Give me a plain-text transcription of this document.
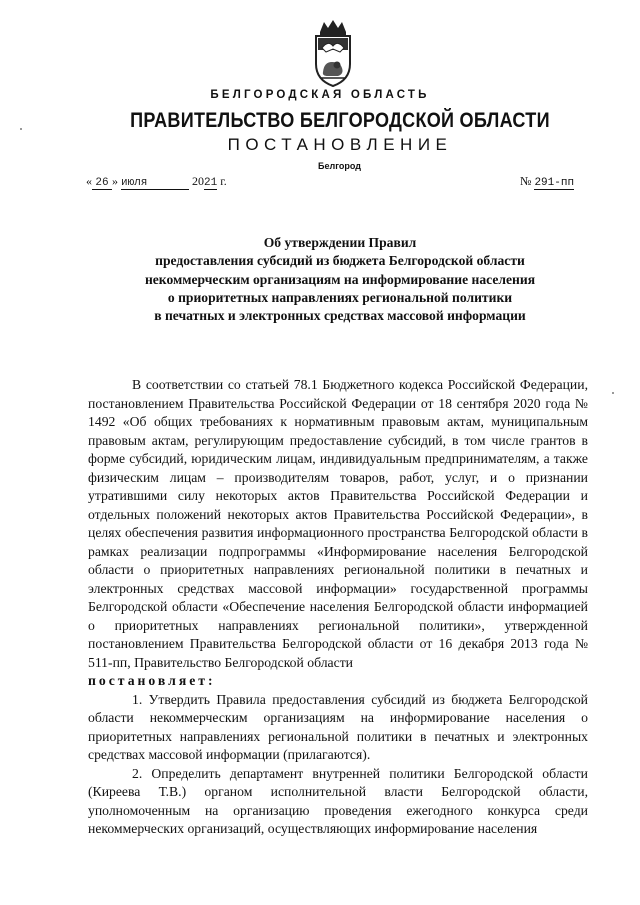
БЕЛГОРОДСКАЯ ОБЛАСТЬ
ПРАВИТЕЛЬСТВО БЕЛГОРОДСКОЙ ОБЛАСТИ
ПОСТАНОВЛЕНИЕ
Белгород
« 26 » июля	2021 г.	№ 291-пп
Об утверждении Правил
предоставления субсидий из бюджета Белгородской области
некоммерческим организациям на информирование населения
о приоритетных направлениях региональной политики
в печатных и электронных средствах массовой информации

В соответствии со статьей 78.1 Бюджетного кодекса Российской Федерации, постановлением Правительства Российской Федерации от 18 сентября 2020 года № 1492 «Об общих требованиях к нормативным правовым актам, муниципальным правовым актам, регулирующим предоставление субсидий, в том числе грантов в форме субсидий, юридическим лицам, индивидуальным предпринимателям, а также физическим лицам – производителям товаров, работ, услуг, и о признании утратившими силу некоторых актов Правительства Российской Федерации и отдельных положений некоторых актов Правительства Российской Федерации», в целях обеспечения развития информационного пространства Белгородской области в рамках реализации подпрограммы «Информирование населения Белгородской области о приоритетных направлениях региональной политики в печатных и электронных средствах массовой информации» государственной программы Белгородской области «Обеспечение населения Белгородской области информацией о приоритетных направлениях региональной политики», утвержденной постановлением Правительства Белгородской области от 16 декабря 2013 года № 511-пп, Правительство Белгородской области

постановляет:

1. Утвердить Правила предоставления субсидий из бюджета Белгородской области некоммерческим организациям на информирование населения о приоритетных направлениях региональной политики в печатных и электронных средствах массовой информации (прилагаются).

2. Определить департамент внутренней политики Белгородской области (Киреева Т.В.) органом исполнительной власти Белгородской области, уполномоченным на организацию проведения ежегодного конкурса среди некоммерческих организаций, осуществляющих информирование населения
